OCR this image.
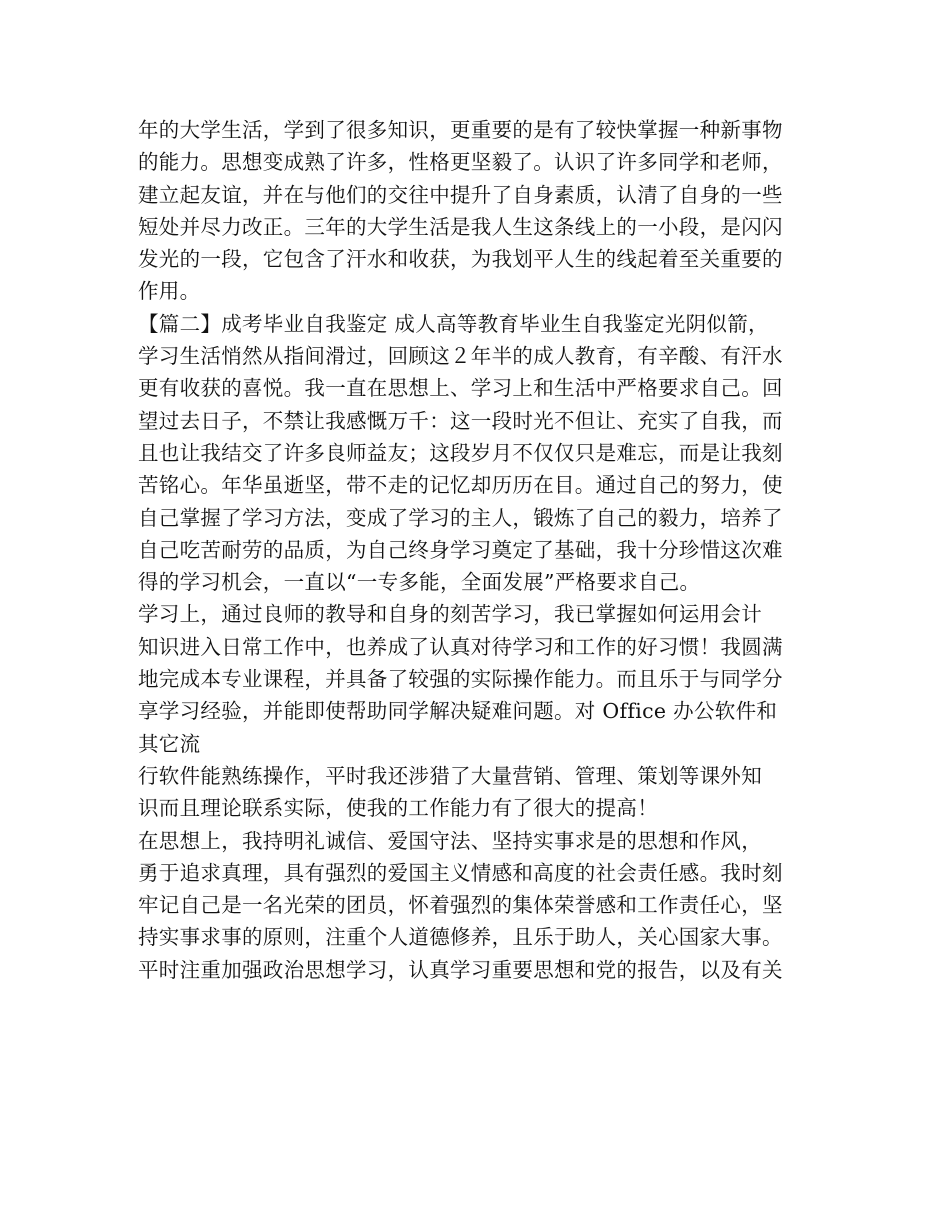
年的大学生活，学到了很多知识，更重要的是有了较快掌握一种新事物
的能力。思想变成熟了许多，性格更坚毅了。认识了许多同学和老师，
建立起友谊，并在与他们的交往中提升了自身素质，认清了自身的一些
短处并尽力改正。三年的大学生活是我人生这条线上的一小段，是闪闪
发光的一段，它包含了汗水和收获，为我划平人生的线起着至关重要的
作用。
【篇二】成考毕业自我鉴定 成人高等教育毕业生自我鉴定光阴似箭，
学习生活悄然从指间滑过，回顾这２年半的成人教育，有辛酸、有汗水
更有收获的喜悦。我一直在思想上、学习上和生活中严格要求自己。回
望过去日子，不禁让我感慨万千：这一段时光不但让、充实了自我，而
且也让我结交了许多良师益友；这段岁月不仅仅只是难忘，而是让我刻
苦铭心。年华虽逝坚，带不走的记忆却历历在目。通过自己的努力，使
自己掌握了学习方法，变成了学习的主人，锻炼了自己的毅力，培养了
自己吃苦耐劳的品质，为自己终身学习奠定了基础，我十分珍惜这次难
得的学习机会，一直以“一专多能，全面发展”严格要求自己。
学习上，通过良师的教导和自身的刻苦学习，我已掌握如何运用会计
知识进入日常工作中，也养成了认真对待学习和工作的好习惯！我圆满
地完成本专业课程，并具备了较强的实际操作能力。而且乐于与同学分
享学习经验，并能即使帮助同学解决疑难问题。对 Office 办公软件和
其它流
行软件能熟练操作，平时我还涉猎了大量营销、管理、策划等课外知
识而且理论联系实际，使我的工作能力有了很大的提高！
在思想上，我持明礼诚信、爱国守法、坚持实事求是的思想和作风，
勇于追求真理，具有强烈的爱国主义情感和高度的社会责任感。我时刻
牢记自己是一名光荣的团员，怀着强烈的集体荣誉感和工作责任心，坚
持实事求事的原则，注重个人道德修养，且乐于助人，关心国家大事。
平时注重加强政治思想学习，认真学习重要思想和党的报告，以及有关
